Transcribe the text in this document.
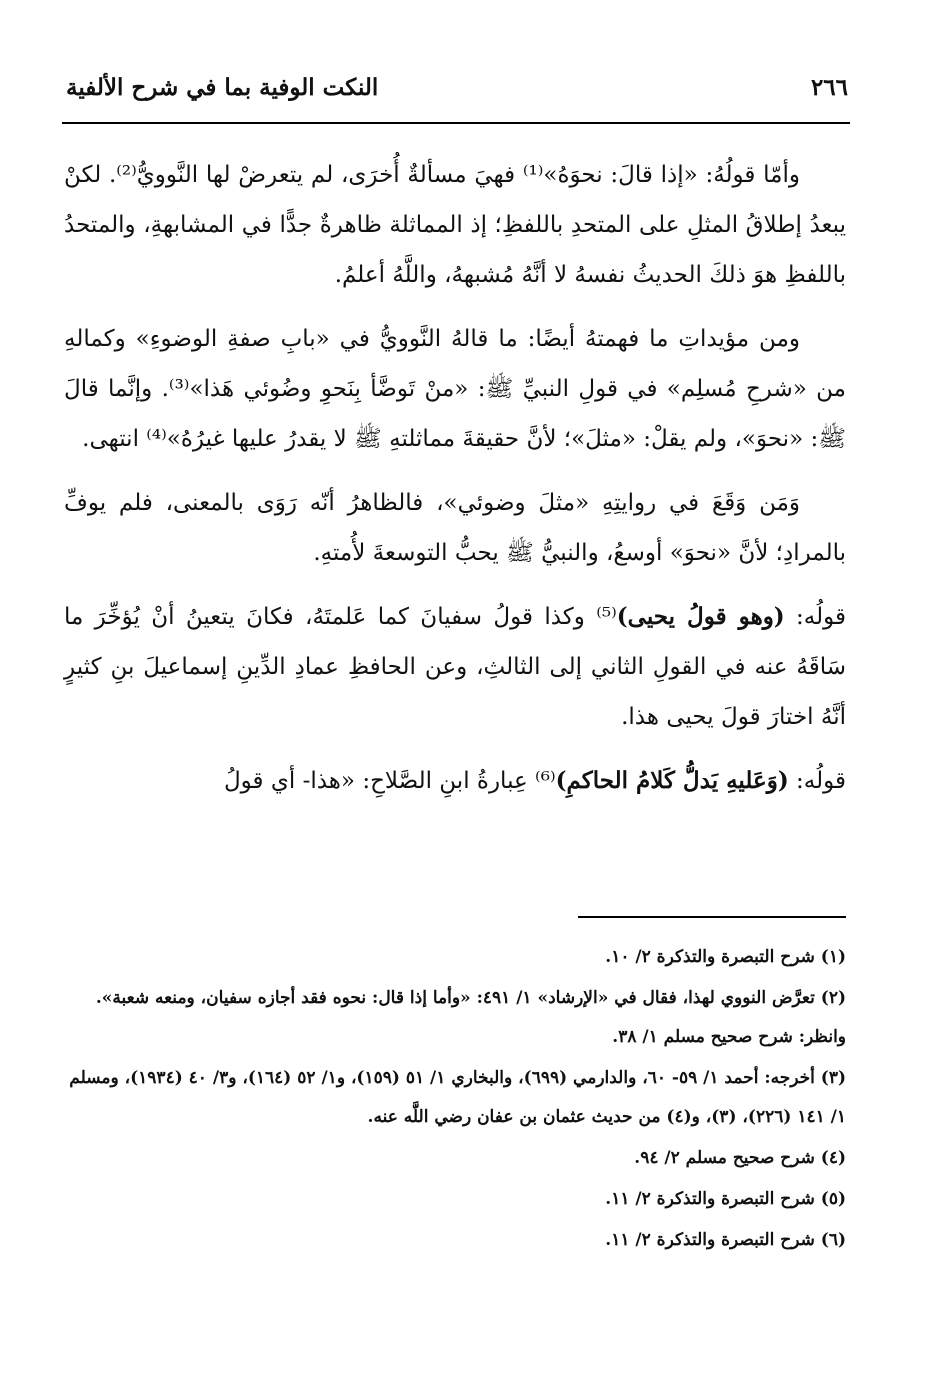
٢٦٦
النكت الوفية بما في شرح الألفية

وأمّا قولُهُ: «إذا قالَ: نحوَهُ»⁽¹⁾ فهيَ مسألةٌ أُخرَى، لم يتعرضْ لها النَّوويُّ⁽²⁾. لكنْ يبعدُ إطلاقُ المثلِ على المتحدِ باللفظِ؛ إذ المماثلة ظاهرةٌ جدًّا في المشابهةِ، والمتحدُ باللفظِ هوَ ذلكَ الحديثُ نفسهُ لا أنَّهُ مُشبههُ، واللَّهُ أعلمُ.

ومن مؤيداتِ ما فهمتهُ أيضًا: ما قالهُ النَّوويُّ في «بابِ صفةِ الوضوءِ» وكمالهِ من «شرحِ مُسلِم» في قولِ النبيِّ ﷺ: «منْ تَوضَّأ بِنَحوِ وضُوئي هَذا»⁽³⁾. وإنَّما قالَ ﷺ: «نحوَ»، ولم يقلْ: «مثلَ»؛ لأنَّ حقيقةَ مماثلتهِ ﷺ لا يقدرُ عليها غيرُهُ»⁽⁴⁾ انتهى.

وَمَن وَقَعَ في روايتِهِ «مثلَ وضوئي»، فالظاهرُ أنّه رَوَى بالمعنى، فلم يوفِّ بالمرادِ؛ لأنَّ «نحوَ» أوسعُ، والنبيُّ ﷺ يحبُّ التوسعةَ لأُمتهِ.

قولُه: (وهو قولُ يحيى)⁽⁵⁾ وكذا قولُ سفيانَ كما عَلمتَهُ، فكانَ يتعينُ أنْ يُؤخِّرَ ما سَاقَهُ عنه في القولِ الثاني إلى الثالثِ، وعن الحافظِ عمادِ الدِّينِ إسماعيلَ بنِ كثيرٍ أنَّهُ اختارَ قولَ يحيى هذا.

قولُه: (وَعَليهِ يَدلُّ كَلامُ الحاكمِ)⁽⁶⁾ عِبارةُ ابنِ الصَّلاحِ: «هذا- أي قولُ

(١) شرح التبصرة والتذكرة ٢/ ١٠.
(٢) تعرَّض النووي لهذا، فقال في «الإرشاد» ١/ ٤٩١: «وأما إذا قال: نحوه فقد أجازه سفيان، ومنعه شعبة». وانظر: شرح صحيح مسلم ١/ ٣٨.
(٣) أخرجه: أحمد ١/ ٥٩- ٦٠، والدارمي (٦٩٩)، والبخاري ١/ ٥١ (١٥٩)، و١/ ٥٢ (١٦٤)، و٣/ ٤٠ (١٩٣٤)، ومسلم ١/ ١٤١ (٢٢٦)، (٣)، و(٤) من حديث عثمان بن عفان رضي اللَّه عنه.
(٤) شرح صحيح مسلم ٢/ ٩٤.
(٥) شرح التبصرة والتذكرة ٢/ ١١.
(٦) شرح التبصرة والتذكرة ٢/ ١١.
